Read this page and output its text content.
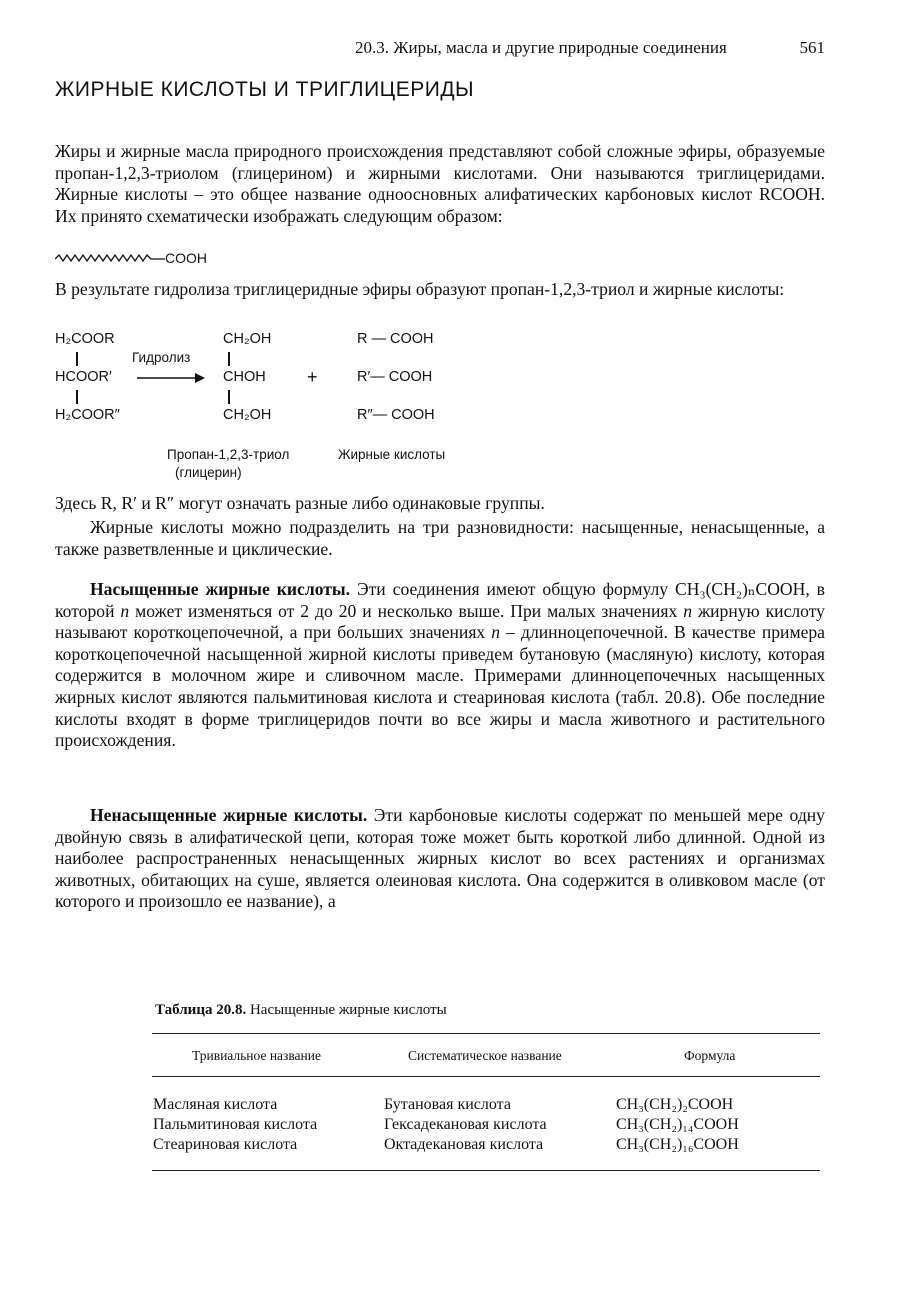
20.3. Жиры, масла и другие природные соединения	561
ЖИРНЫЕ КИСЛОТЫ И ТРИГЛИЦЕРИДЫ

Жиры и жирные масла природного происхождения представляют собой сложные эфиры, образуемые пропан-1,2,3-триолом (глицерином) и жирными кислотами. Они называются триглицеридами. Жирные кислоты – это общее название одноосновных алифатических карбоновых кислот RCOOH. Их принято схематически изображать следующим образом:

COOH

В результате гидролиза триглицеридные эфиры образуют пропан-1,2,3-триол и жирные кислоты:

H₂COOR
HCOOR′
H₂COOR″
Гидролиз
CH₂OH
CHOH
CH₂OH
+
R — COOH
R′— COOH
R″— COOH
Пропан-1,2,3-триол
(глицерин)
Жирные кислоты

Здесь R, R′ и R″ могут означать разные либо одинаковые группы.

Жирные кислоты можно подразделить на три разновидности: насыщенные, ненасыщенные, а также разветвленные и циклические.

Насыщенные жирные кислоты. Эти соединения имеют общую формулу CH₃(CH₂)ₙCOOH, в которой n может изменяться от 2 до 20 и несколько выше. При малых значениях n жирную кислоту называют короткоцепочечной, а при больших значениях n – длинноцепочечной. В качестве примера короткоцепочечной насыщенной жирной кислоты приведем бутановую (масляную) кислоту, которая содержится в молочном жире и сливочном масле. Примерами длинноцепочечных насыщенных жирных кислот являются пальмитиновая кислота и стеариновая кислота (табл. 20.8). Обе последние кислоты входят в форме триглицеридов почти во все жиры и масла животного и растительного происхождения.

Ненасыщенные жирные кислоты. Эти карбоновые кислоты содержат по меньшей мере одну двойную связь в алифатической цепи, которая тоже может быть короткой либо длинной. Одной из наиболее распространенных ненасыщенных жирных кислот во всех растениях и организмах животных, обитающих на суше, является олеиновая кислота. Она содержится в оливковом масле (от которого и произошло ее название), а

Таблица 20.8. Насыщенные жирные кислоты
Тривиальное название	Систематическое название	Формула
Масляная кислота	Бутановая кислота	CH₃(CH₂)₂COOH
Пальмитиновая кислота	Гексадекановая кислота	CH₃(CH₂)₁₄COOH
Стеариновая кислота	Октадекановая кислота	CH₃(CH₂)₁₆COOH
